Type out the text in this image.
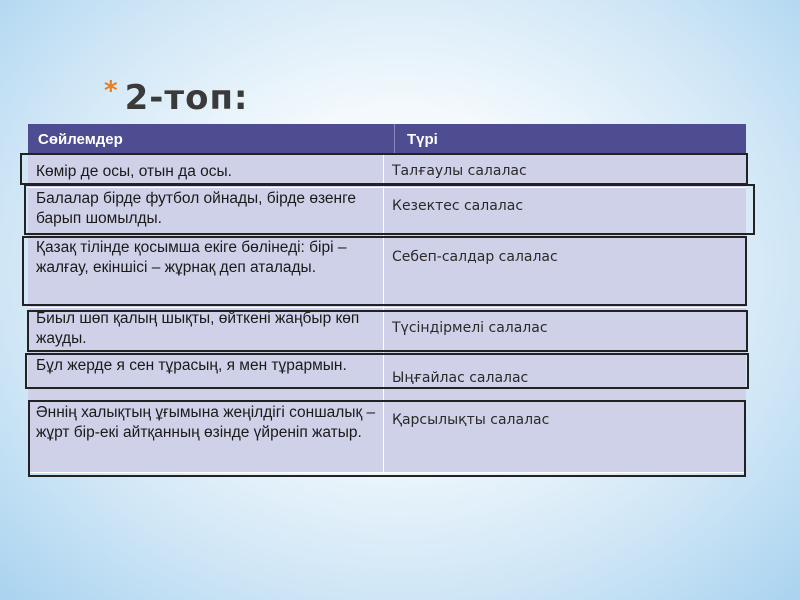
* 2-топ:
Сөйлемдер	Түрі
Көмір де осы, отын да осы.	Талғаулы салалас
Балалар бірде футбол ойнады, бірде өзенге барып шомылды.
Кезектес салалас
Қазақ тілінде қосымша екіге бөлінеді: бірі – жалғау, екіншісі – жұрнақ деп аталады.
Себеп-салдар салалас
Биыл шөп қалың шықты, өйткені жаңбыр көп жауды.
Түсіндірмелі салалас
Бұл жерде я сен тұрасың, я мен тұрармын.
Ыңғайлас салалас
Әннің халықтың ұғымына жеңілдігі соншалық – жұрт бір-екі айтқанның өзінде үйреніп жатыр.
Қарсылықты салалас
